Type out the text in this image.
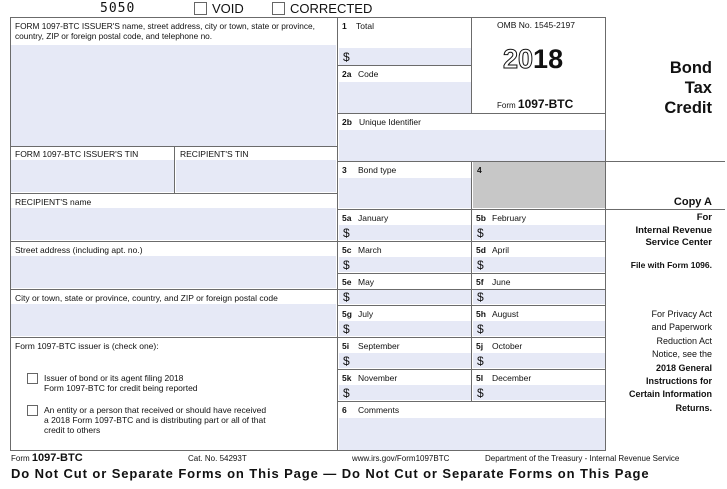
5050	VOID	CORRECTED
FORM 1097-BTC ISSUER'S name, street address, city or town, state or province, country, ZIP or foreign postal code, and telephone no.
1 Total
$
2a Code
OMB No. 1545-2197
2018
Form 1097-BTC
Bond
Tax
Credit
2b Unique Identifier
FORM 1097-BTC ISSUER'S TIN	RECIPIENT'S TIN
3 Bond type	4
RECIPIENT'S name
Street address (including apt. no.)
City or town, state or province, country, and ZIP or foreign postal code
5a January
$
5b February
$
5c March
$
5d April
$
5e May
$
5f June
$
5g July
$
5h August
$
5i September
$
5j October
$
5k November
$
5l December
$
6 Comments
Form 1097-BTC issuer is (check one):
Issuer of bond or its agent filing 2018
Form 1097-BTC for credit being reported
An entity or a person that received or should have received
a 2018 Form 1097-BTC and is distributing part or all of that
credit to others
Copy A
For
Internal Revenue
Service Center
File with Form 1096.
For Privacy Act
and Paperwork
Reduction Act
Notice, see the
2018 General
Instructions for
Certain Information
Returns.
Form 1097-BTC	Cat. No. 54293T	www.irs.gov/Form1097BTC	Department of the Treasury - Internal Revenue Service
Do Not Cut or Separate Forms on This Page — Do Not Cut or Separate Forms on This Page
